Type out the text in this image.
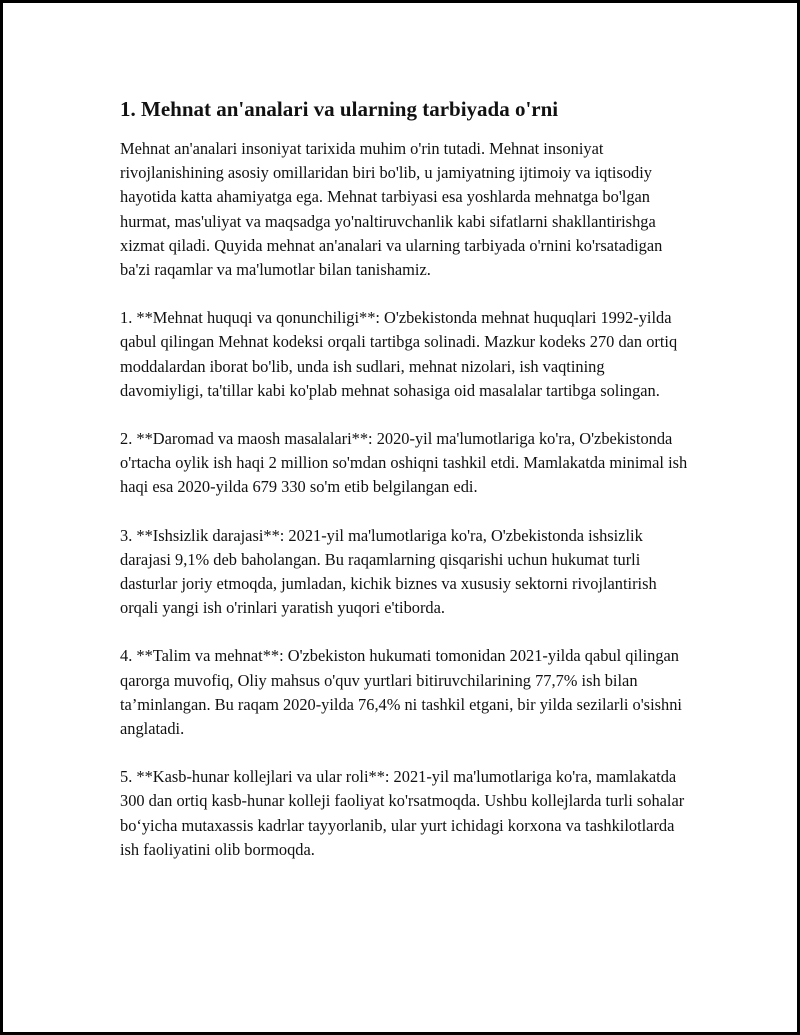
1. Mehnat an'analari va ularning tarbiyada o'rni

Mehnat an'analari insoniyat tarixida muhim o'rin tutadi. Mehnat insoniyat rivojlanishining asosiy omillaridan biri bo'lib, u jamiyatning ijtimoiy va iqtisodiy hayotida katta ahamiyatga ega. Mehnat tarbiyasi esa yoshlarda mehnatga bo'lgan hurmat, mas'uliyat va maqsadga yo'naltiruvchanlik kabi sifatlarni shakllantirishga xizmat qiladi. Quyida mehnat an'analari va ularning tarbiyada o'rnini ko'rsatadigan ba'zi raqamlar va ma'lumotlar bilan tanishamiz.

1. **Mehnat huquqi va qonunchiligi**: O'zbekistonda mehnat huquqlari 1992-yilda qabul qilingan Mehnat kodeksi orqali tartibga solinadi. Mazkur kodeks 270 dan ortiq moddalardan iborat bo'lib, unda ish sudlari, mehnat nizolari, ish vaqtining davomiyligi, ta'tillar kabi ko'plab mehnat sohasiga oid masalalar tartibga solingan.

2. **Daromad va maosh masalalari**: 2020-yil ma'lumotlariga ko'ra, O'zbekistonda o'rtacha oylik ish haqi 2 million so'mdan oshiqni tashkil etdi. Mamlakatda minimal ish haqi esa 2020-yilda 679 330 so'm etib belgilangan edi.

3. **Ishsizlik darajasi**: 2021-yil ma'lumotlariga ko'ra, O'zbekistonda ishsizlik darajasi 9,1% deb baholangan. Bu raqamlarning qisqarishi uchun hukumat turli dasturlar joriy etmoqda, jumladan, kichik biznes va xususiy sektorni rivojlantirish orqali yangi ish o'rinlari yaratish yuqori e'tiborda.

4. **Talim va mehnat**: O'zbekiston hukumati tomonidan 2021-yilda qabul qilingan qarorga muvofiq, Oliy mahsus o'quv yurtlari bitiruvchilarining 77,7% ish bilan ta’minlangan. Bu raqam 2020-yilda 76,4% ni tashkil etgani, bir yilda sezilarli o'sishni anglatadi.

5. **Kasb-hunar kollejlari va ular roli**: 2021-yil ma'lumotlariga ko'ra, mamlakatda 300 dan ortiq kasb-hunar kolleji faoliyat ko'rsatmoqda. Ushbu kollejlarda turli sohalar bo‘yicha mutaxassis kadrlar tayyorlanib, ular yurt ichidagi korxona va tashkilotlarda ish faoliyatini olib bormoqda.
